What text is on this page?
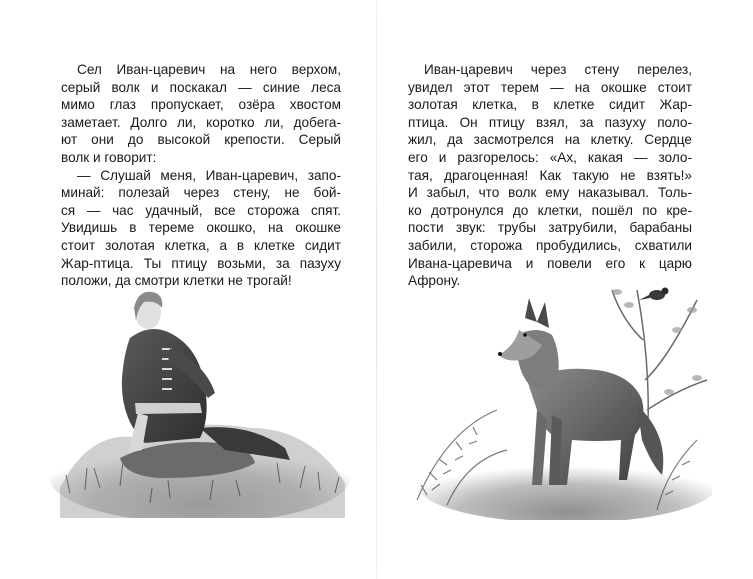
Сел Иван-царевич на него верхом,
серый волк и поскакал — синие леса
мимо глаз пропускает, озёра хвостом
заметает. Долго ли, коротко ли, добега-
ют они до высокой крепости. Серый
волк и говорит:
— Слушай меня, Иван-царевич, запо-
минай: полезай через стену, не бой-
ся — час удачный, все сторожа спят.
Увидишь в тереме окошко, на окошке
стоит золотая клетка, а в клетке сидит
Жар-птица. Ты птицу возьми, за пазуху
положи, да смотри клетки не трогай!
Иван-царевич через стену перелез,
увидел этот терем — на окошке стоит
золотая клетка, в клетке сидит Жар-
птица. Он птицу взял, за пазуху поло-
жил, да засмотрелся на клетку. Сердце
его и разгорелось: «Ах, какая — золо-
тая, драгоценная! Как такую не взять!»
И забыл, что волк ему наказывал. Толь-
ко дотронулся до клетки, пошёл по кре-
пости звук: трубы затрубили, барабаны
забили, сторожа пробудились, схватили
Ивана-царевича и повели его к царю
Афрону.
